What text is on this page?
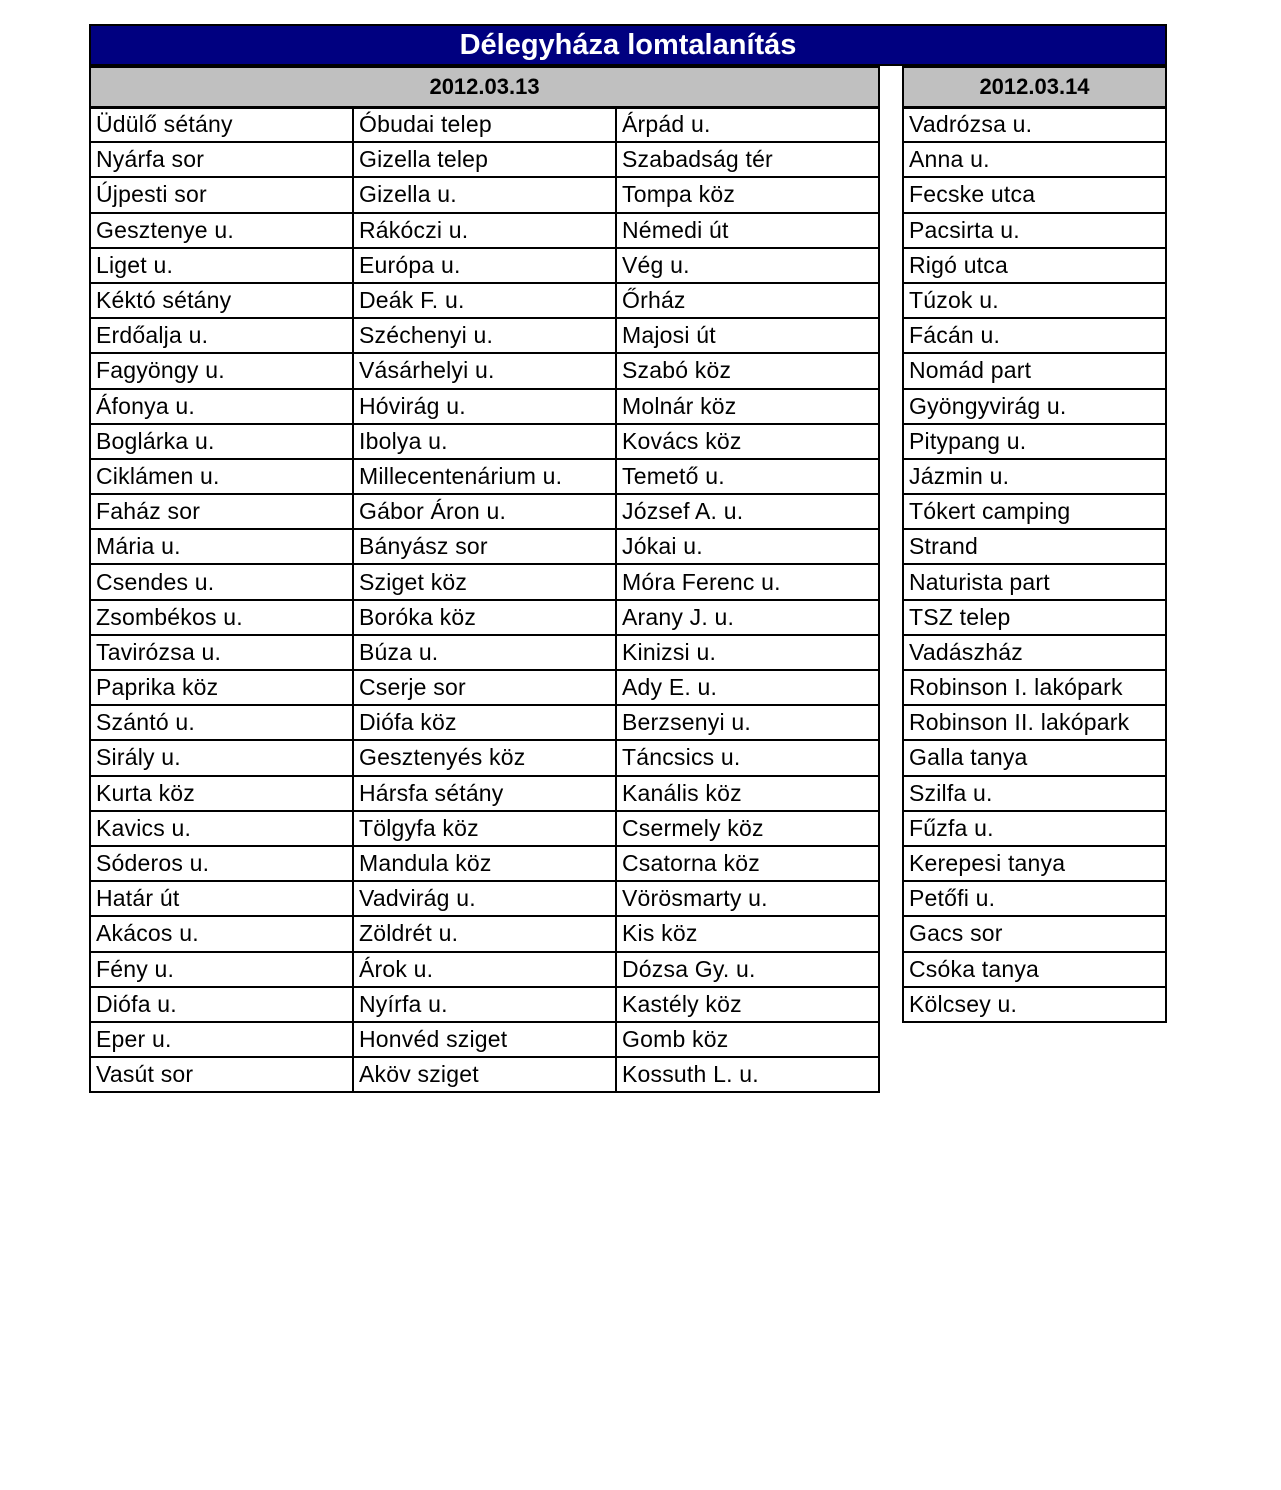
Délegyháza lomtalanítás
2012.03.13		
Üdülő sétány	Óbudai telep	Árpád u.
Nyárfa sor	Gizella telep	Szabadság tér
Újpesti sor	Gizella u.	Tompa köz
Gesztenye u.	Rákóczi u.	Némedi út
Liget u.	Európa u.	Vég u.
Kéktó sétány	Deák F. u.	Őrház
Erdőalja u.	Széchenyi u.	Majosi út
Fagyöngy u.	Vásárhelyi u.	Szabó köz
Áfonya u.	Hóvirág u.	Molnár köz
Boglárka u.	Ibolya u.	Kovács köz
Ciklámen u.	Millecentenárium u.	Temető u.
Faház sor	Gábor Áron u.	József A. u.
Mária u.	Bányász sor	Jókai u.
Csendes u.	Sziget köz	Móra Ferenc u.
Zsombékos u.	Boróka köz	Arany J. u.
Tavirózsa u.	Búza u.	Kinizsi u.
Paprika köz	Cserje sor	Ady E. u.
Szántó u.	Diófa köz	Berzsenyi u.
Sirály u.	Gesztenyés köz	Táncsics u.
Kurta köz	Hársfa sétány	Kanális köz
Kavics u.	Tölgyfa köz	Csermely köz
Sóderos u.	Mandula köz	Csatorna köz
Határ út	Vadvirág u.	Vörösmarty u.
Akácos u.	Zöldrét u.	Kis köz
Fény u.	Árok u.	Dózsa Gy. u.
Diófa u.	Nyírfa u.	Kastély köz
Eper u.	Honvéd sziget	Gomb köz
Vasút sor	Aköv sziget	Kossuth L. u.
2012.03.14
Vadrózsa u.
Anna u.
Fecske utca
Pacsirta u.
Rigó utca
Túzok u.
Fácán u.
Nomád part
Gyöngyvirág u.
Pitypang u.
Jázmin u.
Tókert camping
Strand
Naturista part
TSZ telep
Vadászház
Robinson I. lakópark
Robinson II. lakópark
Galla tanya
Szilfa u.
Fűzfa u.
Kerepesi tanya
Petőfi u.
Gacs sor
Csóka tanya
Kölcsey u.
